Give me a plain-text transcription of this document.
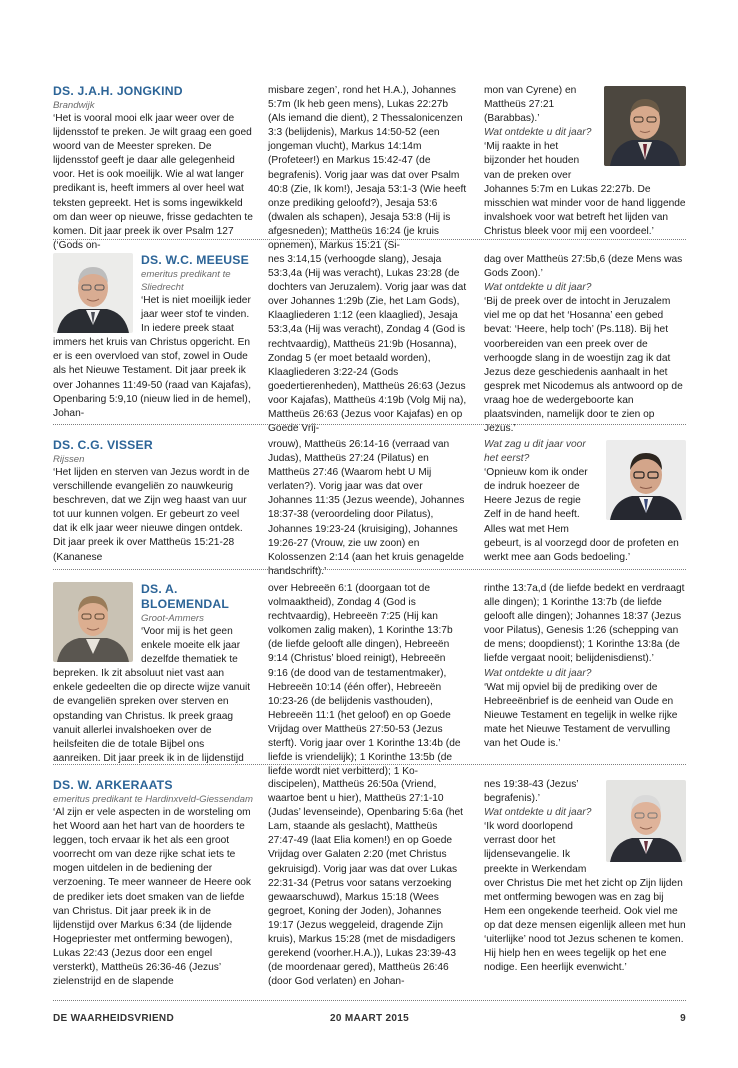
DS. J.A.H. JONGKIND

Brandwijk

‘Het is vooral mooi elk jaar weer over de lijdensstof te preken. Je wilt graag een goed woord van de Meester spreken. De lijdensstof geeft je daar alle gelegenheid voor. Het is ook moeilijk. Wie al wat langer predikant is, heeft immers al over heel wat teksten gepreekt. Het is soms ingewikkeld om dan weer op nieuwe, frisse gedachten te komen. Dit jaar preek ik over Psalm 127 (‘Gods on-

misbare zegen’, rond het H.A.), Johannes 5:7m (Ik heb geen mens), Lukas 22:27b (Als iemand die dient), 2 Thessalonicenzen 3:3 (belijdenis), Markus 14:50-52 (een jongeman vlucht), Markus 14:14m (Profeteer!) en Markus 15:42-47 (de begrafenis). Vorig jaar was dat over Psalm 40:8 (Zie, Ik kom!), Jesaja 53:1-3 (Wie heeft onze prediking geloofd?), Jesaja 53:6 (dwalen als schapen), Jesaja 53:8 (Hij is afgesneden); Mattheüs 16:24 (je kruis opnemen), Markus 15:21 (Si-

mon van Cyrene) en Mattheüs 27:21 (Barabbas).’

Wat ontdekte u dit jaar?

‘Mij raakte in het bijzonder het houden van de preken over Johannes 5:7m en Lukas 22:27b. De misschien wat minder voor de hand liggende invalshoek voor wat betreft het lijden van Christus bleek voor mij een voordeel.’

DS. W.C. MEEUSE

emeritus predikant te Sliedrecht

‘Het is niet moeilijk ieder jaar weer stof te vinden. In iedere preek staat immers het kruis van Christus opgericht. En er is een overvloed van stof, zowel in Oude als het Nieuwe Testament. Dit jaar preek ik over Johannes 11:49-50 (raad van Kajafas), Openbaring 5:9,10 (nieuw lied in de hemel), Johan-

nes 3:14,15 (verhoogde slang), Jesaja 53:3,4a (Hij was veracht), Lukas 23:28 (de dochters van Jeruzalem). Vorig jaar was dat over Johannes 1:29b (Zie, het Lam Gods), Klaagliederen 1:12 (een klaaglied), Jesaja 53:3,4a (Hij was veracht), Zondag 4 (God is rechtvaardig), Mattheüs 21:9b (Hosanna), Zondag 5 (er moet betaald worden), Klaagliederen 3:22-24 (Gods goedertierenheden), Mattheüs 26:63 (Jezus voor Kajafas), Mattheüs 4:19b (Volg Mij na), Mattheüs 26:63 (Jezus voor Kajafas) en op Goede Vrij-

dag over Mattheüs 27:5b,6 (deze Mens was Gods Zoon).’

Wat ontdekte u dit jaar?

‘Bij de preek over de intocht in Jeruzalem viel me op dat het ‘Hosanna’ een gebed bevat: ‘Heere, help toch’ (Ps.118). Bij het voorbereiden van een preek over de verhoogde slang in de woestijn zag ik dat Jezus deze geschiedenis aanhaalt in het gesprek met Nicodemus als antwoord op de vraag hoe de wedergeboorte kan plaatsvinden, namelijk door te zien op Jezus.’

DS. C.G. VISSER

Rijssen

‘Het lijden en sterven van Jezus wordt in de verschillende evangeliën zo nauwkeurig beschreven, dat we Zijn weg haast van uur tot uur kunnen volgen. Er gebeurt zo veel dat ik elk jaar weer nieuwe dingen ontdek. Dit jaar preek ik over Mattheüs 15:21-28 (Kananese

vrouw), Mattheüs 26:14-16 (verraad van Judas), Mattheüs 27:24 (Pilatus) en Mattheüs 27:46 (Waarom hebt U Mij verlaten?). Vorig jaar was dat over Johannes 11:35 (Jezus weende), Johannes 18:37-38 (veroordeling door Pilatus), Johannes 19:23-24 (kruisiging), Johannes 19:26-27 (Vrouw, zie uw zoon) en Kolossenzen 2:14 (aan het kruis genagelde handschrift).’

Wat zag u dit jaar voor het eerst?

‘Opnieuw kom ik onder de indruk hoezeer de Heere Jezus de regie Zelf in de hand heeft. Alles wat met Hem gebeurt, is al voorzegd door de profeten en werkt mee aan Gods bedoeling.’

DS. A. BLOEMENDAL

Groot-Ammers

‘Voor mij is het geen enkele moeite elk jaar dezelfde thematiek te bepreken. Ik zit absoluut niet vast aan enkele gedeelten die op directe wijze vanuit de evangeliën spreken over sterven en opstanding van Christus. Ik preek graag vanuit allerlei invalshoeken over de heilsfeiten die de totale Bijbel ons aanreiken. Dit jaar preek ik in de lijdenstijd

over Hebreeën 6:1 (doorgaan tot de volmaaktheid), Zondag 4 (God is rechtvaardig), Hebreeën 7:25 (Hij kan volkomen zalig maken), 1 Korinthe 13:7b (de liefde gelooft alle dingen), Hebreeën 9:14 (Christus’ bloed reinigt), Hebreeën 9:16 (de dood van de testamentmaker), Hebreeën 10:14 (één offer), Hebreeën 10:23-26 (de belijdenis vasthouden), Hebreeën 11:1 (het geloof) en op Goede Vrijdag over Mattheüs 27:50-53 (Jezus sterft). Vorig jaar over 1 Korinthe 13:4b (de liefde is vriendelijk); 1 Korinthe 13:5b (de liefde wordt niet verbitterd); 1 Ko-

rinthe 13:7a,d (de liefde bedekt en verdraagt alle dingen); 1 Korinthe 13:7b (de liefde gelooft alle dingen); Johannes 18:37 (Jezus voor Pilatus), Genesis 1:26 (schepping van de mens; doopdienst); 1 Korinthe 13:8a (de liefde vergaat nooit; belijdenisdienst).’

Wat ontdekte u dit jaar?

‘Wat mij opviel bij de prediking over de Hebreeënbrief is de eenheid van Oude en Nieuwe Testament en tegelijk in welke rijke mate het Nieuwe Testament de vervulling van het Oude is.’

DS. W. ARKERAATS

emeritus predikant te Hardinxveld-Giessendam

‘Al zijn er vele aspecten in de worsteling om het Woord aan het hart van de hoorders te leggen, toch ervaar ik het als een groot voorrecht om van deze rijke schat iets te mogen uitdelen in de bediening der verzoening. Te meer wanneer de Heere ook de prediker iets doet smaken van de liefde van Christus. Dit jaar preek ik in de lijdenstijd over Markus 6:34 (de lijdende Hogepriester met ontferming bewogen), Lukas 22:43 (Jezus door een engel versterkt), Mattheüs 26:36-46 (Jezus’ zielenstrijd en de slapende

discipelen), Mattheüs 26:50a (Vriend, waartoe bent u hier), Mattheüs 27:1-10 (Judas’ levenseinde), Openbaring 5:6a (het Lam, staande als geslacht), Mattheüs 27:47-49 (laat Elia komen!) en op Goede Vrijdag over Galaten 2:20 (met Christus gekruisigd). Vorig jaar was dat over Lukas 22:31-34 (Petrus voor satans verzoeking gewaarschuwd), Markus 15:18 (Wees gegroet, Koning der Joden), Johannes 19:17 (Jezus weggeleid, dragende Zijn kruis), Markus 15:28 (met de misdadigers gerekend (voorher.H.A.)), Lukas 23:39-43 (de moordenaar gered), Mattheüs 26:46 (door God verlaten) en Johan-

nes 19:38-43 (Jezus’ begrafenis).’

Wat ontdekte u dit jaar?

‘Ik word doorlopend verrast door het lijdensevangelie. Ik preekte in Werkendam over Christus Die met het zicht op Zijn lijden met ontferming bewogen was en zag bij Hem een ongekende teerheid. Ook viel me op dat deze mensen eigenlijk alleen met hun ‘uiterlijke’ nood tot Jezus schenen te komen. Hij hielp hen en wees tegelijk op het ene nodige. Een heerlijk evenwicht.’

DE WAARHEIDSVRIEND	20 MAART 2015	9
